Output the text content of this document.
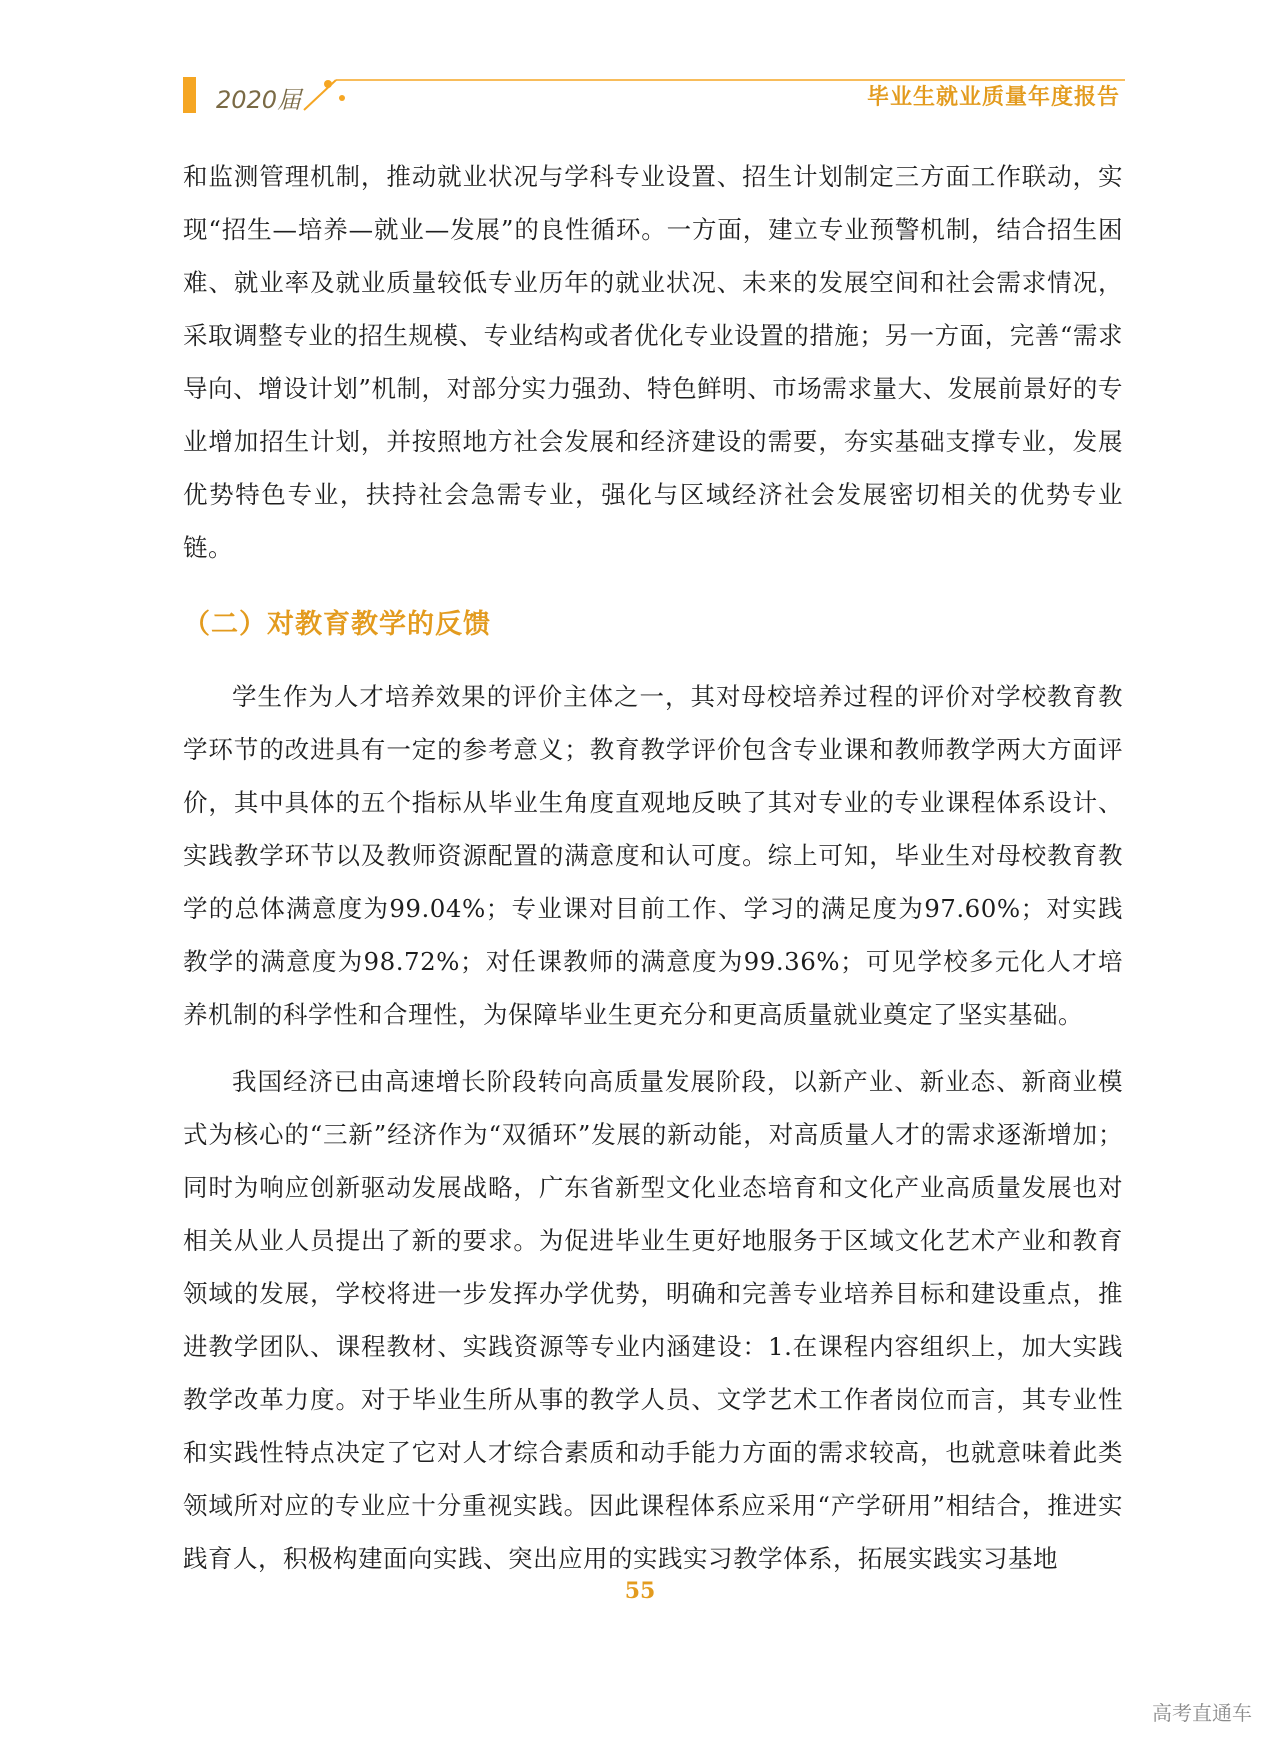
2020届	毕业生就业质量年度报告

和监测管理机制，推动就业状况与学科专业设置、招生计划制定三方面工作联动，实现“招生—培养—就业—发展”的良性循环。一方面，建立专业预警机制，结合招生困难、就业率及就业质量较低专业历年的就业状况、未来的发展空间和社会需求情况，采取调整专业的招生规模、专业结构或者优化专业设置的措施；另一方面，完善“需求导向、增设计划”机制，对部分实力强劲、特色鲜明、市场需求量大、发展前景好的专业增加招生计划，并按照地方社会发展和经济建设的需要，夯实基础支撑专业，发展优势特色专业，扶持社会急需专业，强化与区域经济社会发展密切相关的优势专业链。

（二）对教育教学的反馈

学生作为人才培养效果的评价主体之一，其对母校培养过程的评价对学校教育教学环节的改进具有一定的参考意义；教育教学评价包含专业课和教师教学两大方面评价，其中具体的五个指标从毕业生角度直观地反映了其对专业的专业课程体系设计、实践教学环节以及教师资源配置的满意度和认可度。综上可知，毕业生对母校教育教学的总体满意度为99.04%；专业课对目前工作、学习的满足度为97.60%；对实践教学的满意度为98.72%；对任课教师的满意度为99.36%；可见学校多元化人才培养机制的科学性和合理性，为保障毕业生更充分和更高质量就业奠定了坚实基础。

我国经济已由高速增长阶段转向高质量发展阶段，以新产业、新业态、新商业模式为核心的“三新”经济作为“双循环”发展的新动能，对高质量人才的需求逐渐增加；同时为响应创新驱动发展战略，广东省新型文化业态培育和文化产业高质量发展也对相关从业人员提出了新的要求。为促进毕业生更好地服务于区域文化艺术产业和教育领域的发展，学校将进一步发挥办学优势，明确和完善专业培养目标和建设重点，推进教学团队、课程教材、实践资源等专业内涵建设：1.在课程内容组织上，加大实践教学改革力度。对于毕业生所从事的教学人员、文学艺术工作者岗位而言，其专业性和实践性特点决定了它对人才综合素质和动手能力方面的需求较高，也就意味着此类领域所对应的专业应十分重视实践。因此课程体系应采用“产学研用”相结合，推进实践育人，积极构建面向实践、突出应用的实践实习教学体系，拓展实践实习基地

55
高考直通车
